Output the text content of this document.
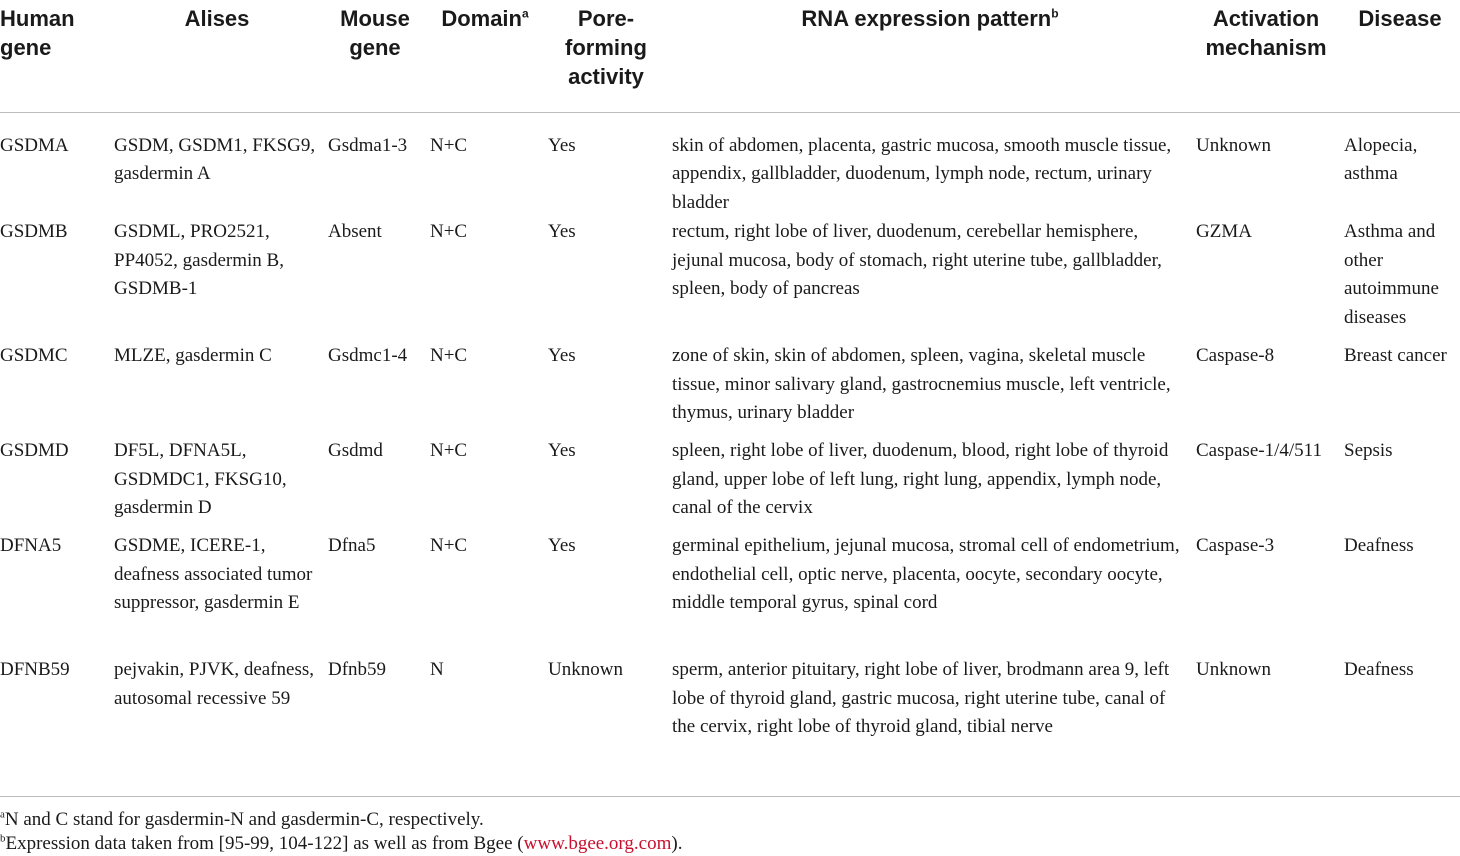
Human gene	Alises	Mouse gene	Domain$^a$	Pore-forming activity	RNA expression pattern$^b$	Activation mechanism	Disease
GSDMA	GSDM, GSDM1, FKSG9, gasdermin A	Gsdma1-3	N+C	Yes	skin of abdomen, placenta, gastric mucosa, smooth muscle tissue, appendix, gallbladder, duodenum, lymph node, rectum, urinary bladder	Unknown	Alopecia, asthma
GSDMB	GSDML, PRO2521, PP4052, gasdermin B, GSDMB-1	Absent	N+C	Yes	rectum, right lobe of liver, duodenum, cerebellar hemisphere, jejunal mucosa, body of stomach, right uterine tube, gallbladder, spleen, body of pancreas	GZMA	Asthma and other autoimmune diseases
GSDMC	MLZE, gasdermin C	Gsdmc1-4	N+C	Yes	zone of skin, skin of abdomen, spleen, vagina, skeletal muscle tissue, minor salivary gland, gastrocnemius muscle, left ventricle, thymus, urinary bladder	Caspase-8	Breast cancer
GSDMD	DF5L, DFNA5L, GSDMDC1, FKSG10, gasdermin D	Gsdmd	N+C	Yes	spleen, right lobe of liver, duodenum, blood, right lobe of thyroid gland, upper lobe of left lung, right lung, appendix, lymph node, canal of the cervix	Caspase-1/4/511	Sepsis
DFNA5	GSDME, ICERE-1, deafness associated tumor suppressor, gasdermin E	Dfna5	N+C	Yes	germinal epithelium, jejunal mucosa, stromal cell of endometrium, endothelial cell, optic nerve, placenta, oocyte, secondary oocyte, middle temporal gyrus, spinal cord	Caspase-3	Deafness
DFNB59	pejvakin, PJVK, deafness, autosomal recessive 59	Dfnb59	N	Unknown	sperm, anterior pituitary, right lobe of liver, brodmann area 9, left lobe of thyroid gland, gastric mucosa, right uterine tube, canal of the cervix, right lobe of thyroid gland, tibial nerve	Unknown	Deafness
$^a$N and C stand for gasdermin-N and gasdermin-C, respectively.
$^b$Expression data taken from [95-99, 104-122] as well as from Bgee (www.bgee.org.com).
